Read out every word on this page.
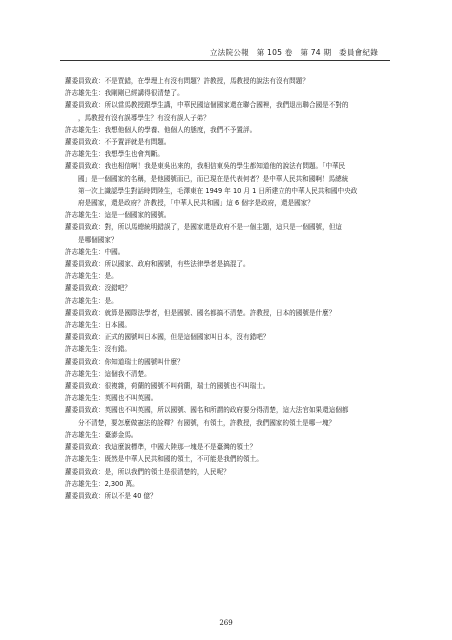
立法院公報　第 105 卷　第 74 期　委員會紀錄
蘿委員致政：不是買錯，在學理上有沒有問題？許教授，馬教授的說法有沒有問題？
許志雄先生：我剛剛已經講得很清楚了。
蘿委員致政：所以當馬教授跟學生講，中華民國這個國家還在聯合國裡，我們退出聯合國是不對的
，馬教授有沒有誤導學生？有沒有誤人子弟？
許志雄先生：我想他個人的學養、他個人的態度，我們不予置評。
蘿委員致政：不予置評就是有問題。
許志雄先生：我想學生也會判斷。
蘿委員致政：我也相信啊！我是東吳出來的，我相信東吳的學生都知道他的說法有問題。「中華民
國」是一個國家的名稱，是他國號而已，而已現在是代表何者？是中華人民共和國啊！馬總統
第一次上識認學生對話時問陸生，毛澤東在 1949 年 10 月 1 日所建立的中華人民共和國中央政
府是國家，還是政府？許教授，「中華人民共和國」這 6 個字是政府，還是國家？
許志雄先生：這是一個國家的國號。
蘿委員致政：對，所以馬總統明錯誤了，是國家還是政府不是一個主題，這只是一個國號，但這
是哪個國家？
許志雄先生：中國。
蘿委員致政：所以國家、政府和國號，有些法律學者是搞混了。
許志雄先生：是。
蘿委員致政：沒錯吧？
許志雄先生：是。
蘿委員致政：就算是國際法學者，但是國號、國名都搞不清楚。許教授，日本的國號是什麼？
許志雄先生：日本國。
蘿委員致政：正式的國號叫日本國，但是這個國家叫日本，沒有錯吧？
許志雄先生：沒有錯。
蘿委員致政：你知道瑞士的國號叫什麼？
許志雄先生：這個我不清楚。
蘿委員致政：很複雜，荷蘭的國號不叫荷蘭，瑞士的國號也不叫瑞士。
許志雄先生：英國也不叫英國。
蘿委員致政：英國也不叫英國，所以國號、國名和所謂的政府要分得清楚，這大法官如果還這個都
分不清楚，要怎麼做憲法的詮釋？有國號，有領土，許教授，我們國家的領土是哪一塊？
許志雄先生：臺澎金馬。
蘿委員致政：我這麼說標準，中國大陸那一塊是不是臺灣的領土？
許志雄先生：既然是中華人民共和國的領土，不可能是我們的領土。
蘿委員致政：是，所以我們的領土是很清楚的，人民呢？
許志雄先生：2,300 萬。
蘿委員致政：所以不是 40 億？
269
